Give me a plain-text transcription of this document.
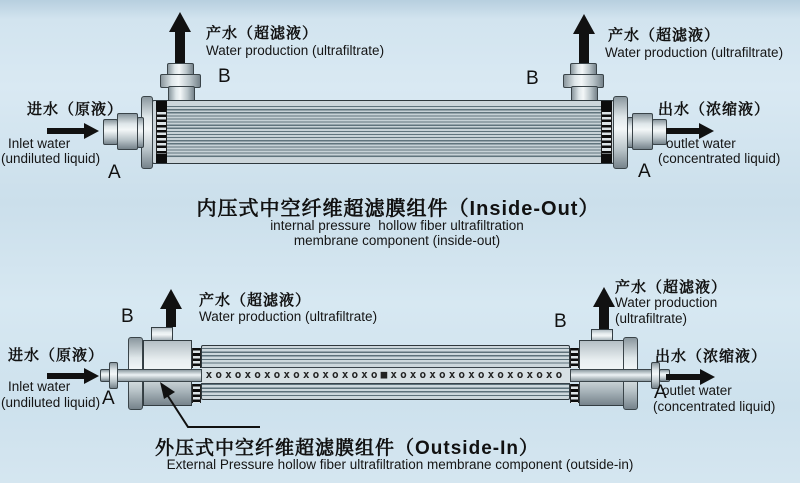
产水（超滤液）
Water production (ultrafiltrate)
产水（超滤液）
Water production (ultrafiltrate)
B	B
进水（原液）
Inlet water
(undiluted liquid)
A
出水（浓缩液）
outlet water
(concentrated liquid)
A
内压式中空纤维超滤膜组件（Inside-Out）
internal pressure  hollow fiber ultrafiltration
membrane component (inside-out)
产水（超滤液）
Water production (ultrafiltrate)
产水（超滤液）
Water production
(ultrafiltrate)
B	B
xoxoxoxoxoxoxoxoxo■xoxoxoxoxoxoxoxoxo
进水（原液）
Inlet water
(undiluted liquid) A
出水（浓缩液）
A
outlet water
(concentrated liquid)
外压式中空纤维超滤膜组件（Outside-In）
External Pressure hollow fiber ultrafiltration membrane component (outside-in)
